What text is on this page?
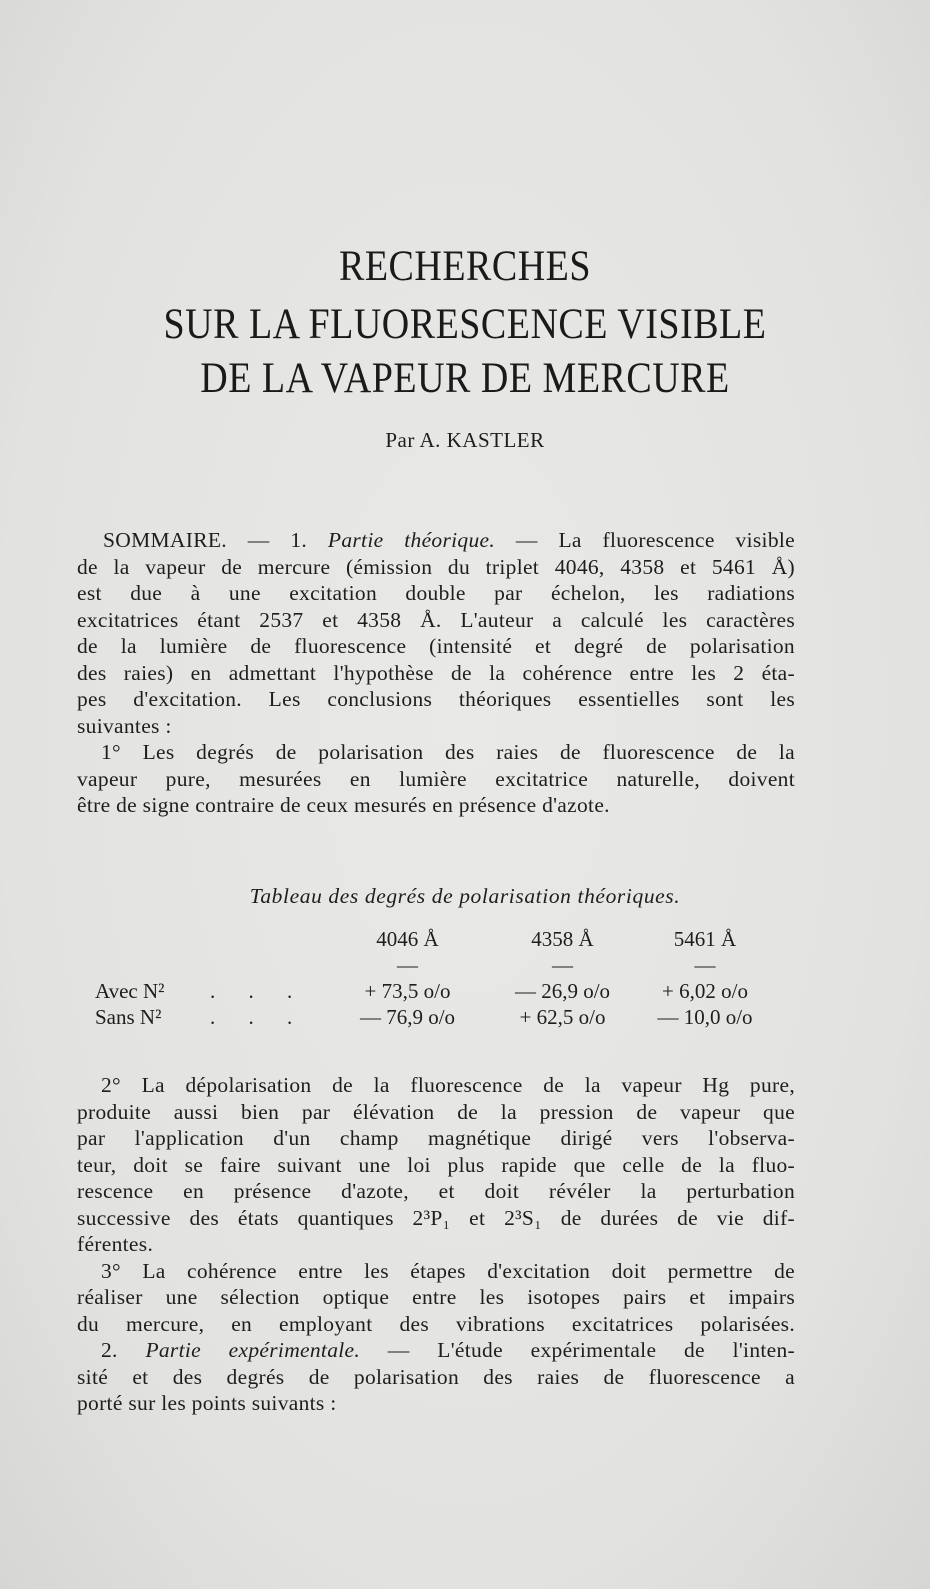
RECHERCHES
SUR LA FLUORESCENCE VISIBLE
DE LA VAPEUR DE MERCURE
Par A. KASTLER
SOMMAIRE. — 1. Partie théorique. — La fluorescence visible
de la vapeur de mercure (émission du triplet 4046, 4358 et 5461 Å)
est due à une excitation double par échelon, les radiations
excitatrices étant 2537 et 4358 Å. L'auteur a calculé les caractères
de la lumière de fluorescence (intensité et degré de polarisation
des raies) en admettant l'hypothèse de la cohérence entre les 2 éta-
pes d'excitation. Les conclusions théoriques essentielles sont les
suivantes :
1° Les degrés de polarisation des raies de fluorescence de la
vapeur pure, mesurées en lumière excitatrice naturelle, doivent
être de signe contraire de ceux mesurés en présence d'azote.
Tableau des degrés de polarisation théoriques.
		4046 Å	4358 Å	5461 Å
		—	—	—
Avec N²	. . .	+ 73,5 o/o	— 26,9 o/o	+ 6,02 o/o
Sans N²	. . .	— 76,9 o/o	+ 62,5 o/o	— 10,0 o/o
2° La dépolarisation de la fluorescence de la vapeur Hg pure,
produite aussi bien par élévation de la pression de vapeur que
par l'application d'un champ magnétique dirigé vers l'observa-
teur, doit se faire suivant une loi plus rapide que celle de la fluo-
rescence en présence d'azote, et doit révéler la perturbation
successive des états quantiques 2³P₁ et 2³S₁ de durées de vie dif-
férentes.
3° La cohérence entre les étapes d'excitation doit permettre de
réaliser une sélection optique entre les isotopes pairs et impairs
du mercure, en employant des vibrations excitatrices polarisées.
2. Partie expérimentale. — L'étude expérimentale de l'inten-
sité et des degrés de polarisation des raies de fluorescence a
porté sur les points suivants :
